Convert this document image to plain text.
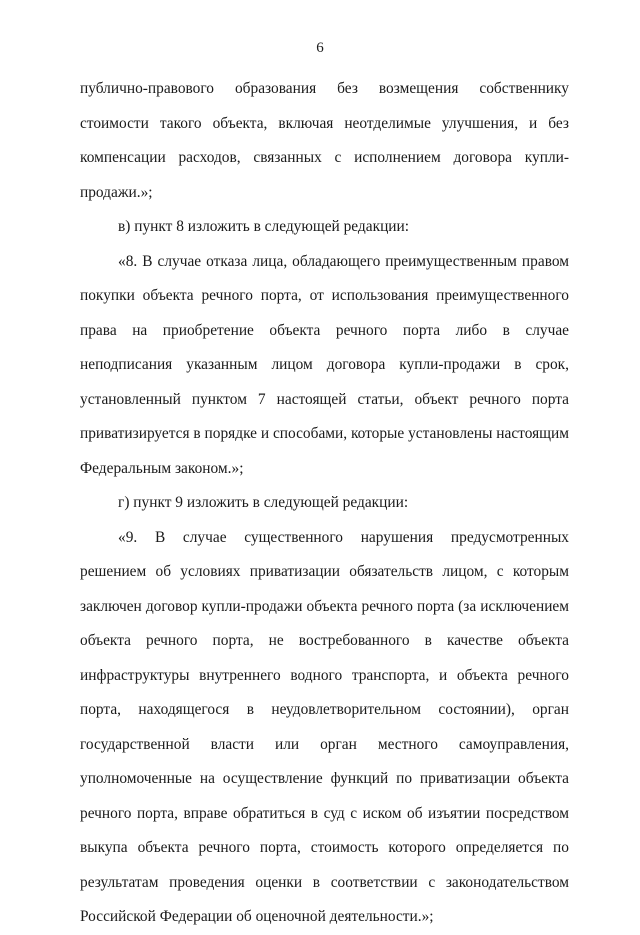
6

публично-правового образования без возмещения собственнику стоимости такого объекта, включая неотделимые улучшения, и без компенсации расходов, связанных с исполнением договора купли-продажи.»;

в) пункт 8 изложить в следующей редакции:

«8. В случае отказа лица, обладающего преимущественным правом покупки объекта речного порта, от использования преимущественного права на приобретение объекта речного порта либо в случае неподписания указанным лицом договора купли-продажи в срок, установленный пунктом 7 настоящей статьи, объект речного порта приватизируется в порядке и способами, которые установлены настоящим Федеральным законом.»;

г) пункт 9 изложить в следующей редакции:

«9. В случае существенного нарушения предусмотренных решением об условиях приватизации обязательств лицом, с которым заключен договор купли-продажи объекта речного порта (за исключением объекта речного порта, не востребованного в качестве объекта инфраструктуры внутреннего водного транспорта, и объекта речного порта, находящегося в неудовлетворительном состоянии), орган государственной власти или орган местного самоуправления, уполномоченные на осуществление функций по приватизации объекта речного порта, вправе обратиться в суд с иском об изъятии посредством выкупа объекта речного порта, стоимость которого определяется по результатам проведения оценки в соответствии с законодательством Российской Федерации об оценочной деятельности.»;
